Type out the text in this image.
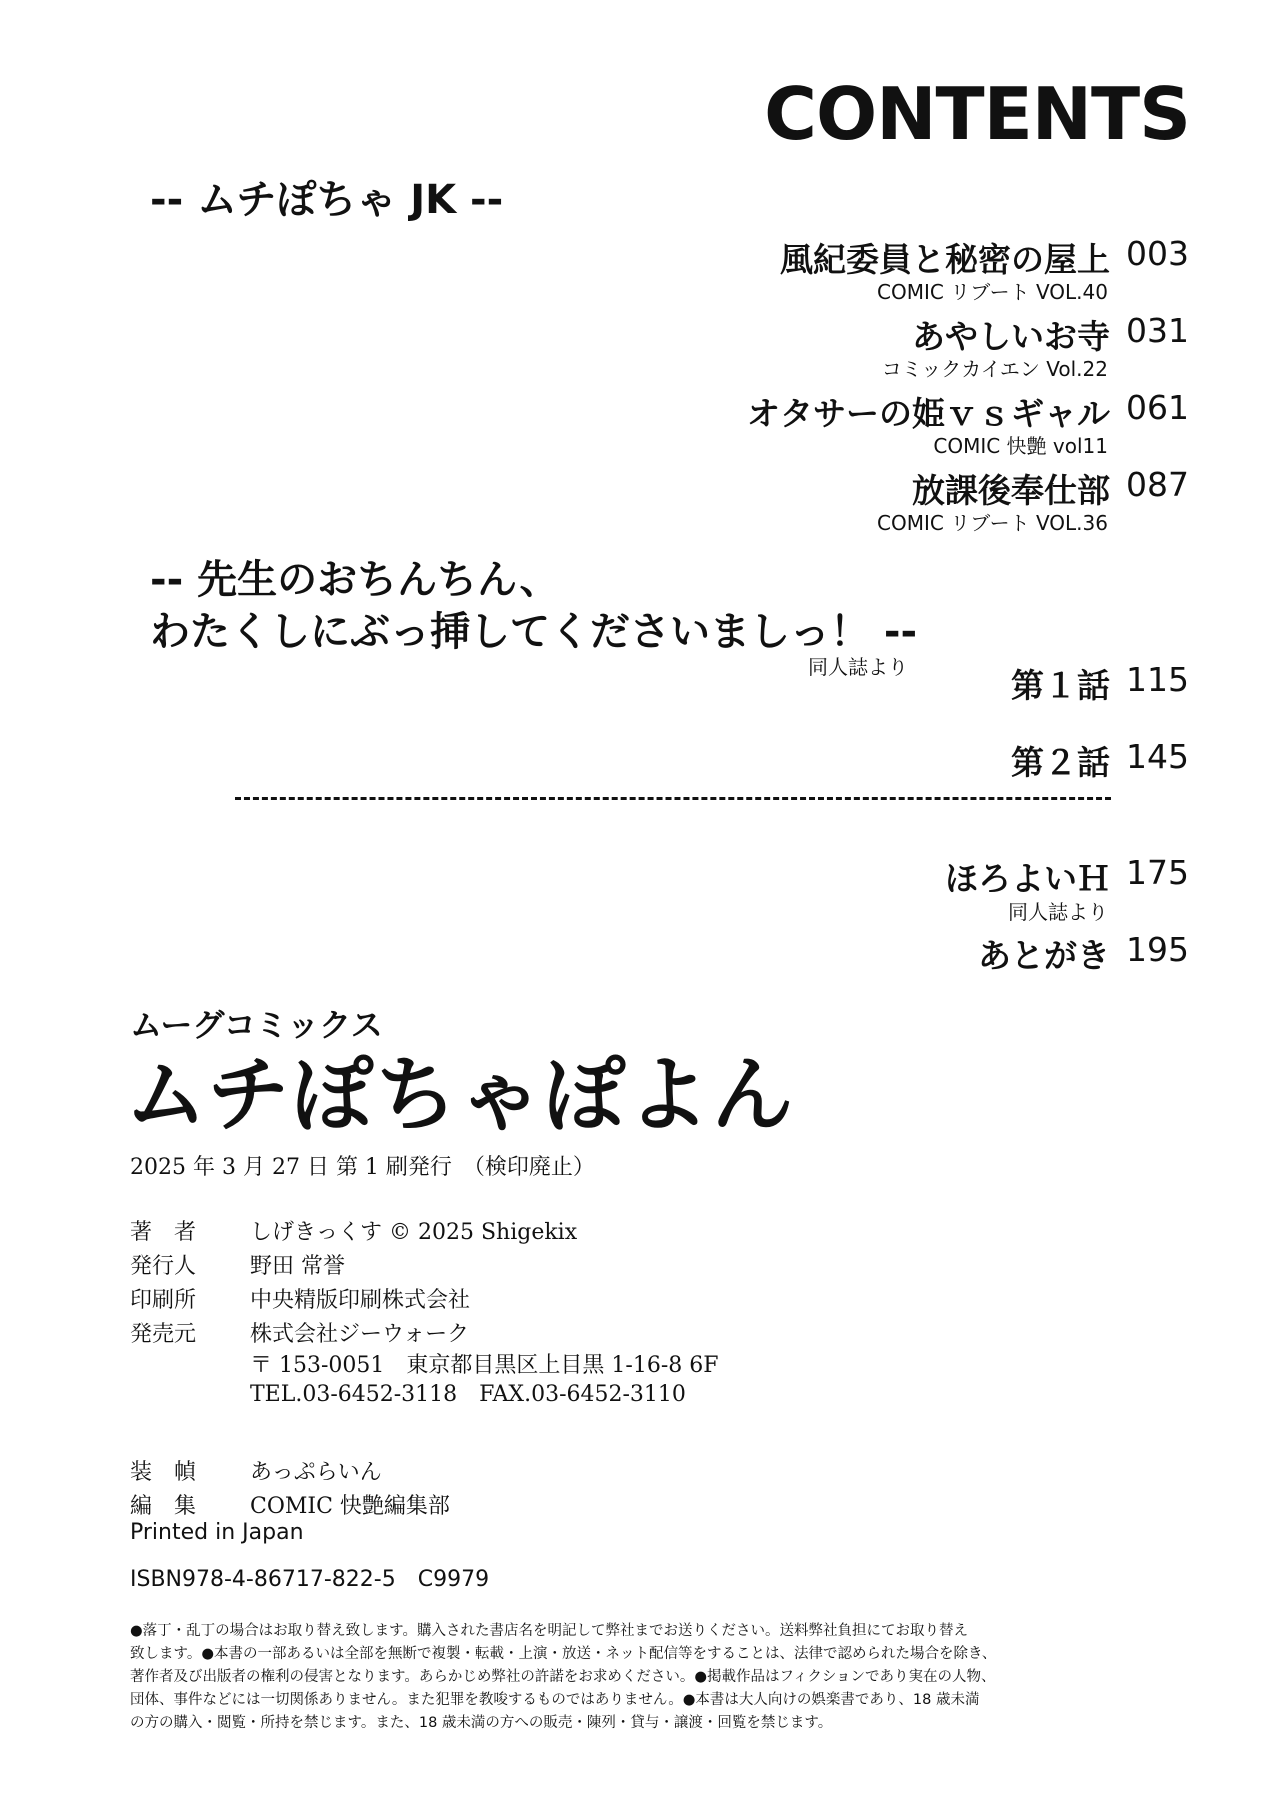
CONTENTS
-- ムチぽちゃ JK --
風紀委員と秘密の屋上 003
COMIC リブート VOL.40
あやしいお寺 031
コミックカイエン Vol.22
オタサーの姫ｖｓギャル 061
COMIC 快艶 vol11
放課後奉仕部 087
COMIC リブート VOL.36
-- 先生のおちんちん、
わたくしにぶっ挿してくださいましっ！ --
同人誌より	第１話 115
第２話 145
ほろよいＨ 175
同人誌より
あとがき 195
ムーグコミックス
ムチぽちゃぽよん
2025 年 3 月 27 日 第 1 刷発行　（検印廃止）
著　者 しげきっくす © 2025 Shigekix
発行人 野田 常誉
印刷所 中央精版印刷株式会社
発売元 株式会社ジーウォーク
〒 153-0051　東京都目黒区上目黒 1-16-8 6F
TEL.03-6452-3118　FAX.03-6452-3110
装　幀 あっぷらいん
編　集 COMIC 快艶編集部
Printed in Japan
ISBN978-4-86717-822-5　C9979
●落丁・乱丁の場合はお取り替え致します。購入された書店名を明記して弊社までお送りください。送料弊社負担にてお取り替え
致します。●本書の一部あるいは全部を無断で複製・転載・上演・放送・ネット配信等をすることは、法律で認められた場合を除き、
著作者及び出版者の権利の侵害となります。あらかじめ弊社の許諾をお求めください。●掲載作品はフィクションであり実在の人物、
団体、事件などには一切関係ありません。また犯罪を教唆するものではありません。●本書は大人向けの娯楽書であり、18 歳未満
の方の購入・閲覧・所持を禁じます。また、18 歳未満の方への販売・陳列・貸与・譲渡・回覧を禁じます。
